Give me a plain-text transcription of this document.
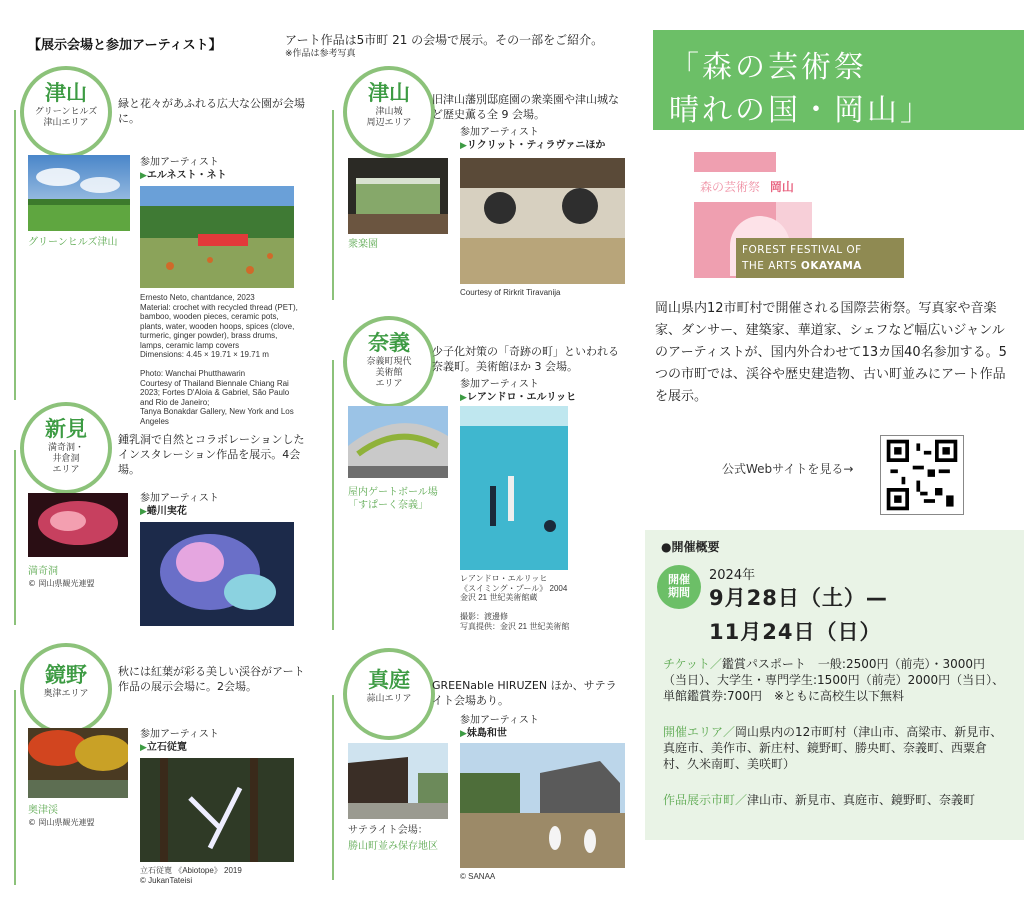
【展示会場と参加アーティスト】	アート作品は5市町 21 の会場で展示。その一部をご紹介。
※作品は参考写真
津山
グリーンヒルズ
津山エリア
緑と花々があふれる広大な公園が会場に。
グリーンヒルズ津山
参加アーティスト
▶エルネスト・ネト
Ernesto Neto, chantdance, 2023
Material: crochet with recycled thread (PET), bamboo, wooden pieces, ceramic pots, plants, water, wooden hoops, spices (clove, turmeric, ginger powder), brass drums, lamps, ceramic lamp covers
Dimensions: 4.45 × 19.71 × 19.71 m

Photo: Wanchai Phutthawarin
Courtesy of Thailand Biennale Chiang Rai 2023; Fortes D'Aloia & Gabriel, São Paulo and Rio de Janeiro;
Tanya Bonakdar Gallery, New York and Los Angeles
津山
津山城
周辺エリア
旧津山藩別邸庭園の衆楽園や津山城など歴史薫る全 9 会場。
参加アーティスト
▶リクリット・ティラヴァニほか
衆楽園
Courtesy of Rirkrit Tiravanija
新見
満奇洞・
井倉洞
エリア
鍾乳洞で自然とコラボレーションしたインスタレーション作品を展示。4会場。
参加アーティスト
▶蜷川実花
満奇洞
© 岡山県観光連盟
奈義
奈義町現代
美術館
エリア
少子化対策の「奇跡の町」といわれる奈義町。美術館ほか 3 会場。
参加アーティスト
▶レアンドロ・エルリッヒ
屋内ゲートボール場
「すぱーく奈義」
レアンドロ・エルリッヒ
《スイミング・プール》 2004
金沢 21 世紀美術館蔵

撮影：渡邊修
写真提供：金沢 21 世紀美術館
鏡野
奥津エリア
秋には紅葉が彩る美しい渓谷がアート作品の展示会場に。2会場。
参加アーティスト
▶立石従寛
奥津渓
© 岡山県観光連盟
立石従寛 《Abiotope》 2019
© JukanTateisi
真庭
蒜山エリア
GREENable HIRUZEN ほか、サテライト会場あり。
参加アーティスト
▶妹島和世
サテライト会場：
勝山町並み保存地区
© SANAA
「森の芸術祭
晴れの国・岡山」
森の芸術祭 岡山
FOREST FESTIVAL OF
THE ARTS OKAYAMA
岡山県内12市町村で開催される国際芸術祭。写真家や音楽家、ダンサー、建築家、華道家、シェフなど幅広いジャンルのアーティストが、国内外合わせて13カ国40名参加する。5つの市町では、渓谷や歴史建造物、古い町並みにアート作品を展示。
公式Webサイトを見る→
●開催概要
開催
期間
2024年
9月28日（土）—
11月24日（日）
チケット／鑑賞パスポート　一般:2500円（前売）・3000円（当日）、大学生・専門学生:1500円（前売）2000円（当日）、単館鑑賞券:700円　※ともに高校生以下無料
開催エリア／岡山県内の12市町村（津山市、高梁市、新見市、真庭市、美作市、新庄村、鏡野町、勝央町、奈義町、西粟倉村、久米南町、美咲町）
作品展示市町／津山市、新見市、真庭市、鏡野町、奈義町
